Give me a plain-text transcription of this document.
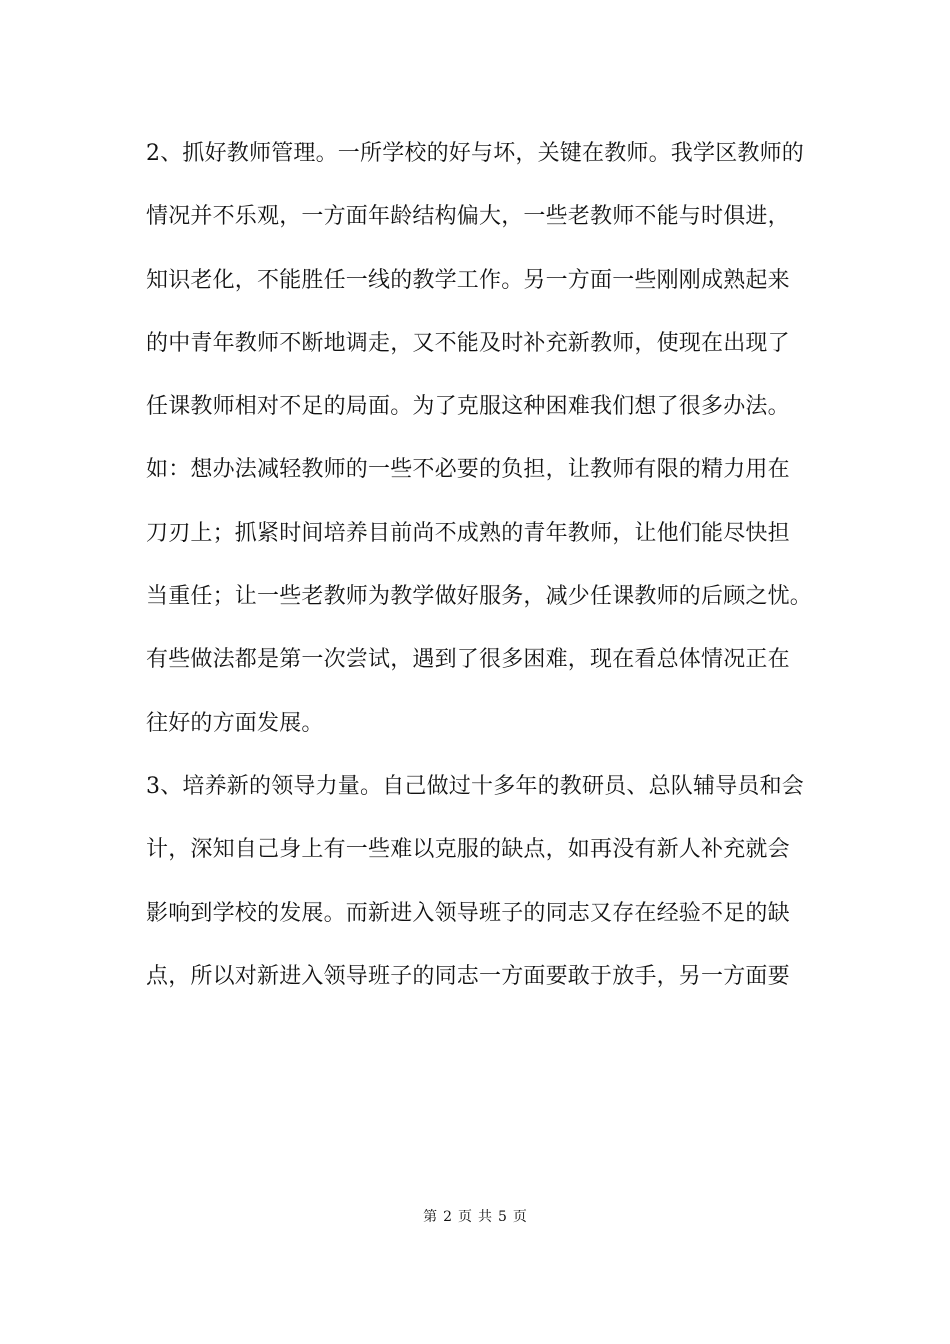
2、抓好教师管理。一所学校的好与坏，关键在教师。我学区教师的
情况并不乐观，一方面年龄结构偏大，一些老教师不能与时俱进，
知识老化，不能胜任一线的教学工作。另一方面一些刚刚成熟起来
的中青年教师不断地调走，又不能及时补充新教师，使现在出现了
任课教师相对不足的局面。为了克服这种困难我们想了很多办法。
如：想办法减轻教师的一些不必要的负担，让教师有限的精力用在
刀刃上；抓紧时间培养目前尚不成熟的青年教师，让他们能尽快担
当重任；让一些老教师为教学做好服务，减少任课教师的后顾之忧。
有些做法都是第一次尝试，遇到了很多困难，现在看总体情况正在
往好的方面发展。
3、培养新的领导力量。自己做过十多年的教研员、总队辅导员和会
计，深知自己身上有一些难以克服的缺点，如再没有新人补充就会
影响到学校的发展。而新进入领导班子的同志又存在经验不足的缺
点，所以对新进入领导班子的同志一方面要敢于放手，另一方面要
第 2 页 共 5 页
